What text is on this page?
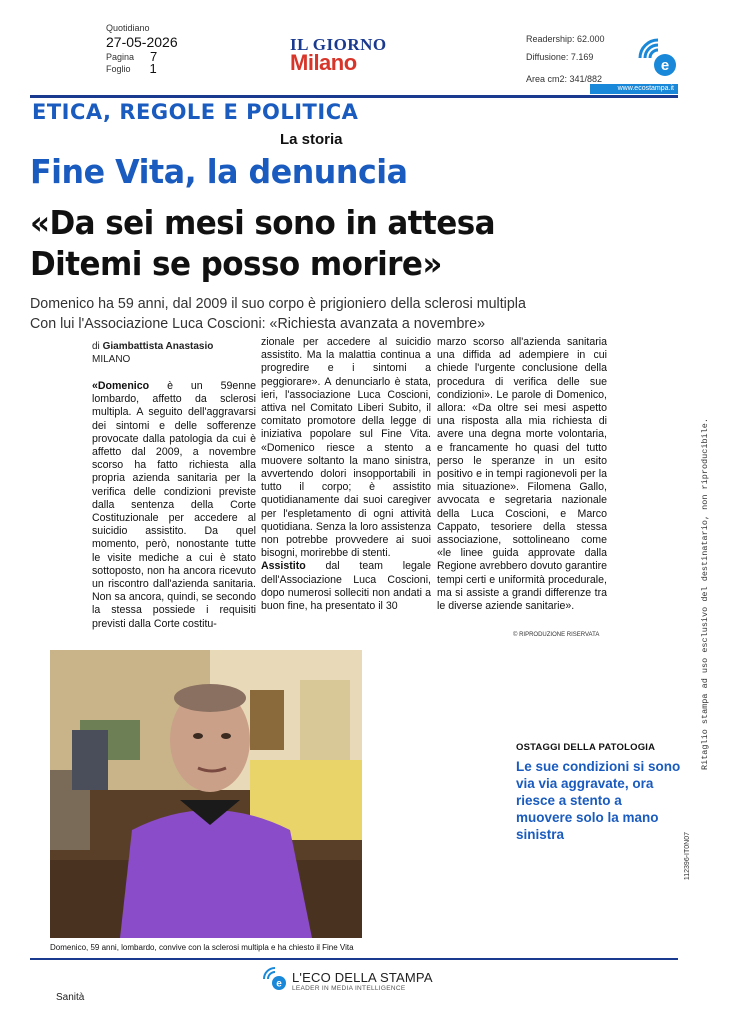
Quotidiano
27-05-2026
Pagina 7
Foglio 1
IL GIORNO
Milano
Readership: 62.000
Diffusione: 7.169
Area cm2: 341/882
e
www.ecostampa.it
ETICA, REGOLE E POLITICA
La storia
Fine Vita, la denuncia
«Da sei mesi sono in attesa
Ditemi se posso morire»
Domenico ha 59 anni, dal 2009 il suo corpo è prigioniero della sclerosi multipla
Con lui l'Associazione Luca Coscioni: «Richiesta avanzata a novembre»
di Giambattista Anastasio
MILANO

«Domenico è un 59enne lombardo, affetto da sclerosi multipla. A seguito dell'aggravarsi dei sintomi e delle sofferenze provocate dalla patologia da cui è affetto dal 2009, a novembre scorso ha fatto richiesta alla propria azienda sanitaria per la verifica delle condizioni previste dalla sentenza della Corte Costituzionale per accedere al suicidio assistito. Da quel momento, però, nonostante tutte le visite mediche a cui è stato sottoposto, non ha ancora ricevuto un riscontro dall'azienda sanitaria. Non sa ancora, quindi, se secondo la stessa possiede i requisiti previsti dalla Corte costitu-

zionale per accedere al suicidio assistito. Ma la malattia continua a progredire e i sintomi a peggiorare». A denunciarlo è stata, ieri, l'associazione Luca Coscioni, attiva nel Comitato Liberi Subito, il comitato promotore della legge di iniziativa popolare sul Fine Vita. «Domenico riesce a stento a muovere soltanto la mano sinistra, avvertendo dolori insopportabili in tutto il corpo; è assistito quotidianamente dai suoi caregiver per l'espletamento di ogni attività quotidiana. Senza la loro assistenza non potrebbe provvedere ai suoi bisogni, morirebbe di stenti.

Assistito dal team legale dell'Associazione Luca Coscioni, dopo numerosi solleciti non andati a buon fine, ha presentato il 30

marzo scorso all'azienda sanitaria una diffida ad adempiere in cui chiede l'urgente conclusione della procedura di verifica delle sue condizioni». Le parole di Domenico, allora: «Da oltre sei mesi aspetto una risposta alla mia richiesta di avere una degna morte volontaria, e francamente ho quasi del tutto perso le speranze in un esito positivo e in tempi ragionevoli per la mia situazione». Filomena Gallo, avvocata e segretaria nazionale della Luca Coscioni, e Marco Cappato, tesoriere della stessa associazione, sottolineano come «le linee guida approvate dalla Regione avrebbero dovuto garantire tempi certi e uniformità procedurale, ma si assiste a grandi differenze tra le diverse aziende sanitarie».

© RIPRODUZIONE RISERVATA
Domenico, 59 anni, lombardo, convive con la sclerosi multipla e ha chiesto il Fine Vita
OSTAGGI DELLA PATOLOGIA
Le sue condizioni si sono via via aggravate, ora riesce a stento a muovere solo la mano sinistra
Ritaglio stampa ad uso esclusivo del destinatario, non riproducibile.
112396-IT0N07
e L'ECO DELLA STAMPA
LEADER IN MEDIA INTELLIGENCE
Sanità
